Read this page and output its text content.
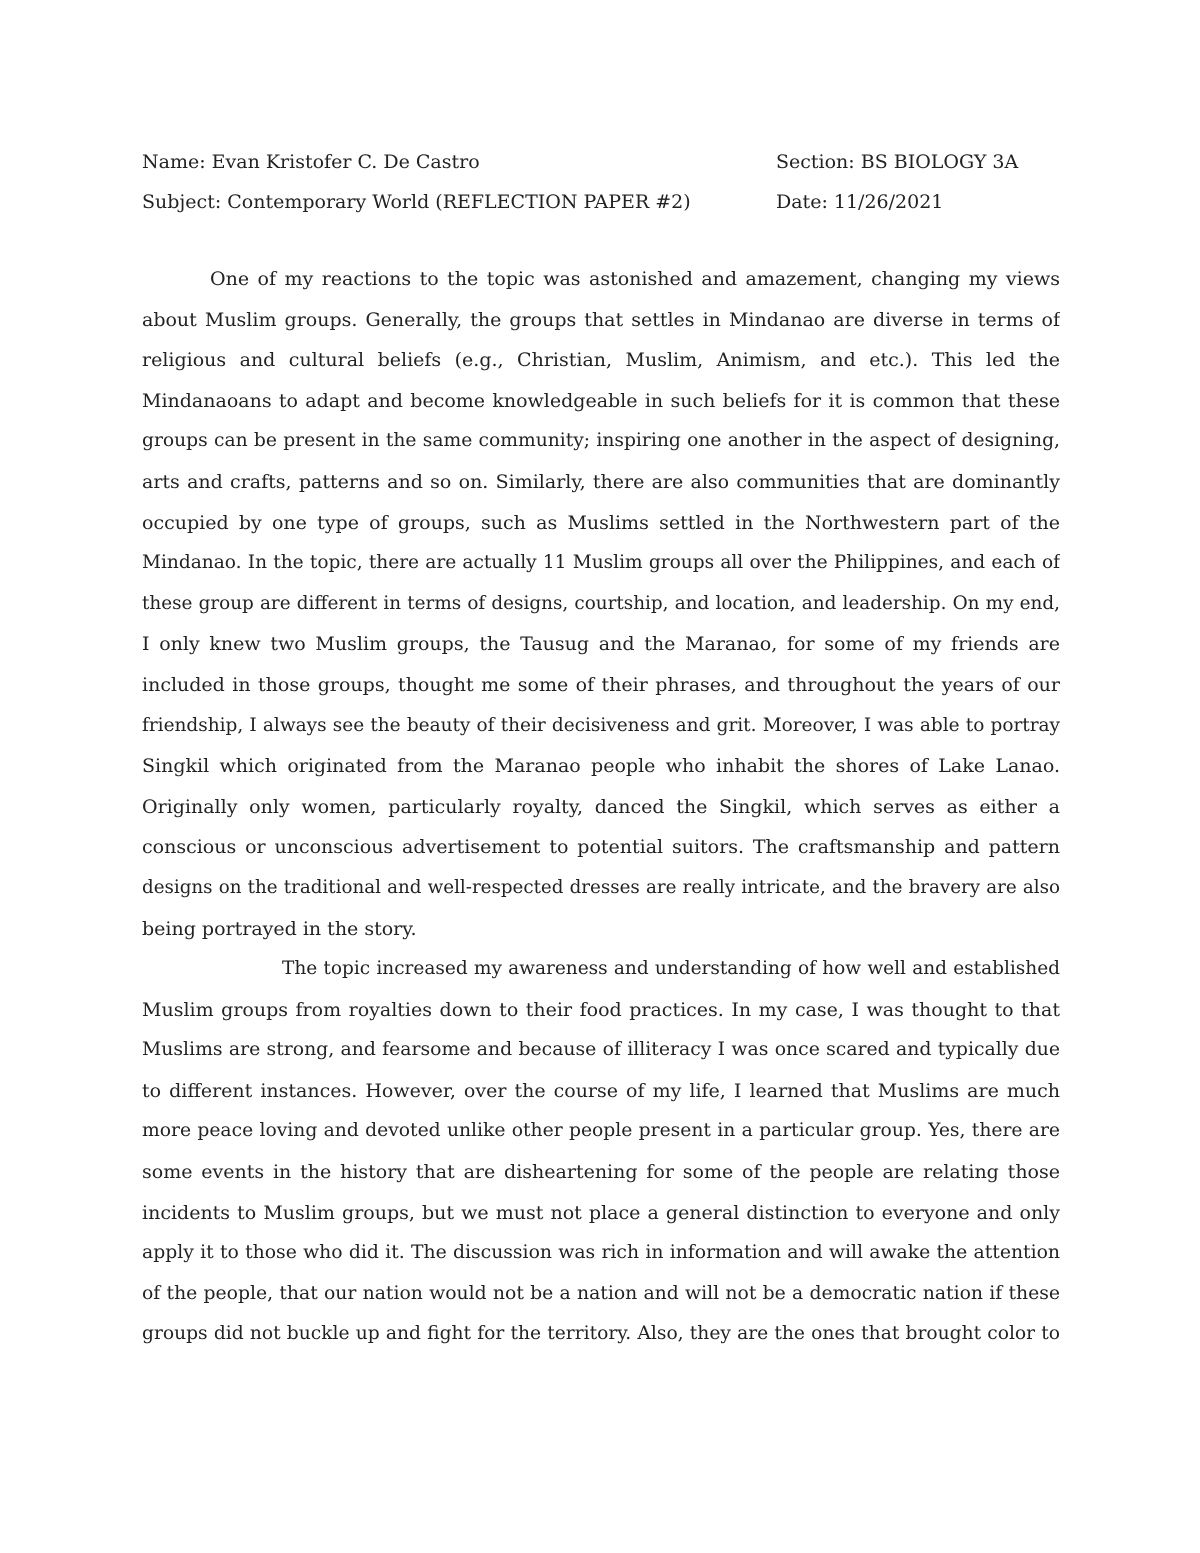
Name: Evan Kristofer C. De Castro	Section: BS BIOLOGY 3A
Subject: Contemporary World (REFLECTION PAPER #2)	Date: 11/26/2021
One of my reactions to the topic was astonished and amazement, changing my views
about Muslim groups. Generally, the groups that settles in Mindanao are diverse in terms of
religious and cultural beliefs (e.g., Christian, Muslim, Animism, and etc.). This led the
Mindanaoans to adapt and become knowledgeable in such beliefs for it is common that these
groups can be present in the same community; inspiring one another in the aspect of designing,
arts and crafts, patterns and so on. Similarly, there are also communities that are dominantly
occupied by one type of groups, such as Muslims settled in the Northwestern part of the
Mindanao. In the topic, there are actually 11 Muslim groups all over the Philippines, and each of
these group are different in terms of designs, courtship, and location, and leadership. On my end,
I only knew two Muslim groups, the Tausug and the Maranao, for some of my friends are
included in those groups, thought me some of their phrases, and throughout the years of our
friendship, I always see the beauty of their decisiveness and grit. Moreover, I was able to portray
Singkil which originated from the Maranao people who inhabit the shores of Lake Lanao.
Originally only women, particularly royalty, danced the Singkil, which serves as either a
conscious or unconscious advertisement to potential suitors. The craftsmanship and pattern
designs on the traditional and well-respected dresses are really intricate, and the bravery are also
being portrayed in the story.
The topic increased my awareness and understanding of how well and established
Muslim groups from royalties down to their food practices. In my case, I was thought to that
Muslims are strong, and fearsome and because of illiteracy I was once scared and typically due
to different instances. However, over the course of my life, I learned that Muslims are much
more peace loving and devoted unlike other people present in a particular group. Yes, there are
some events in the history that are disheartening for some of the people are relating those
incidents to Muslim groups, but we must not place a general distinction to everyone and only
apply it to those who did it. The discussion was rich in information and will awake the attention
of the people, that our nation would not be a nation and will not be a democratic nation if these
groups did not buckle up and fight for the territory. Also, they are the ones that brought color to
